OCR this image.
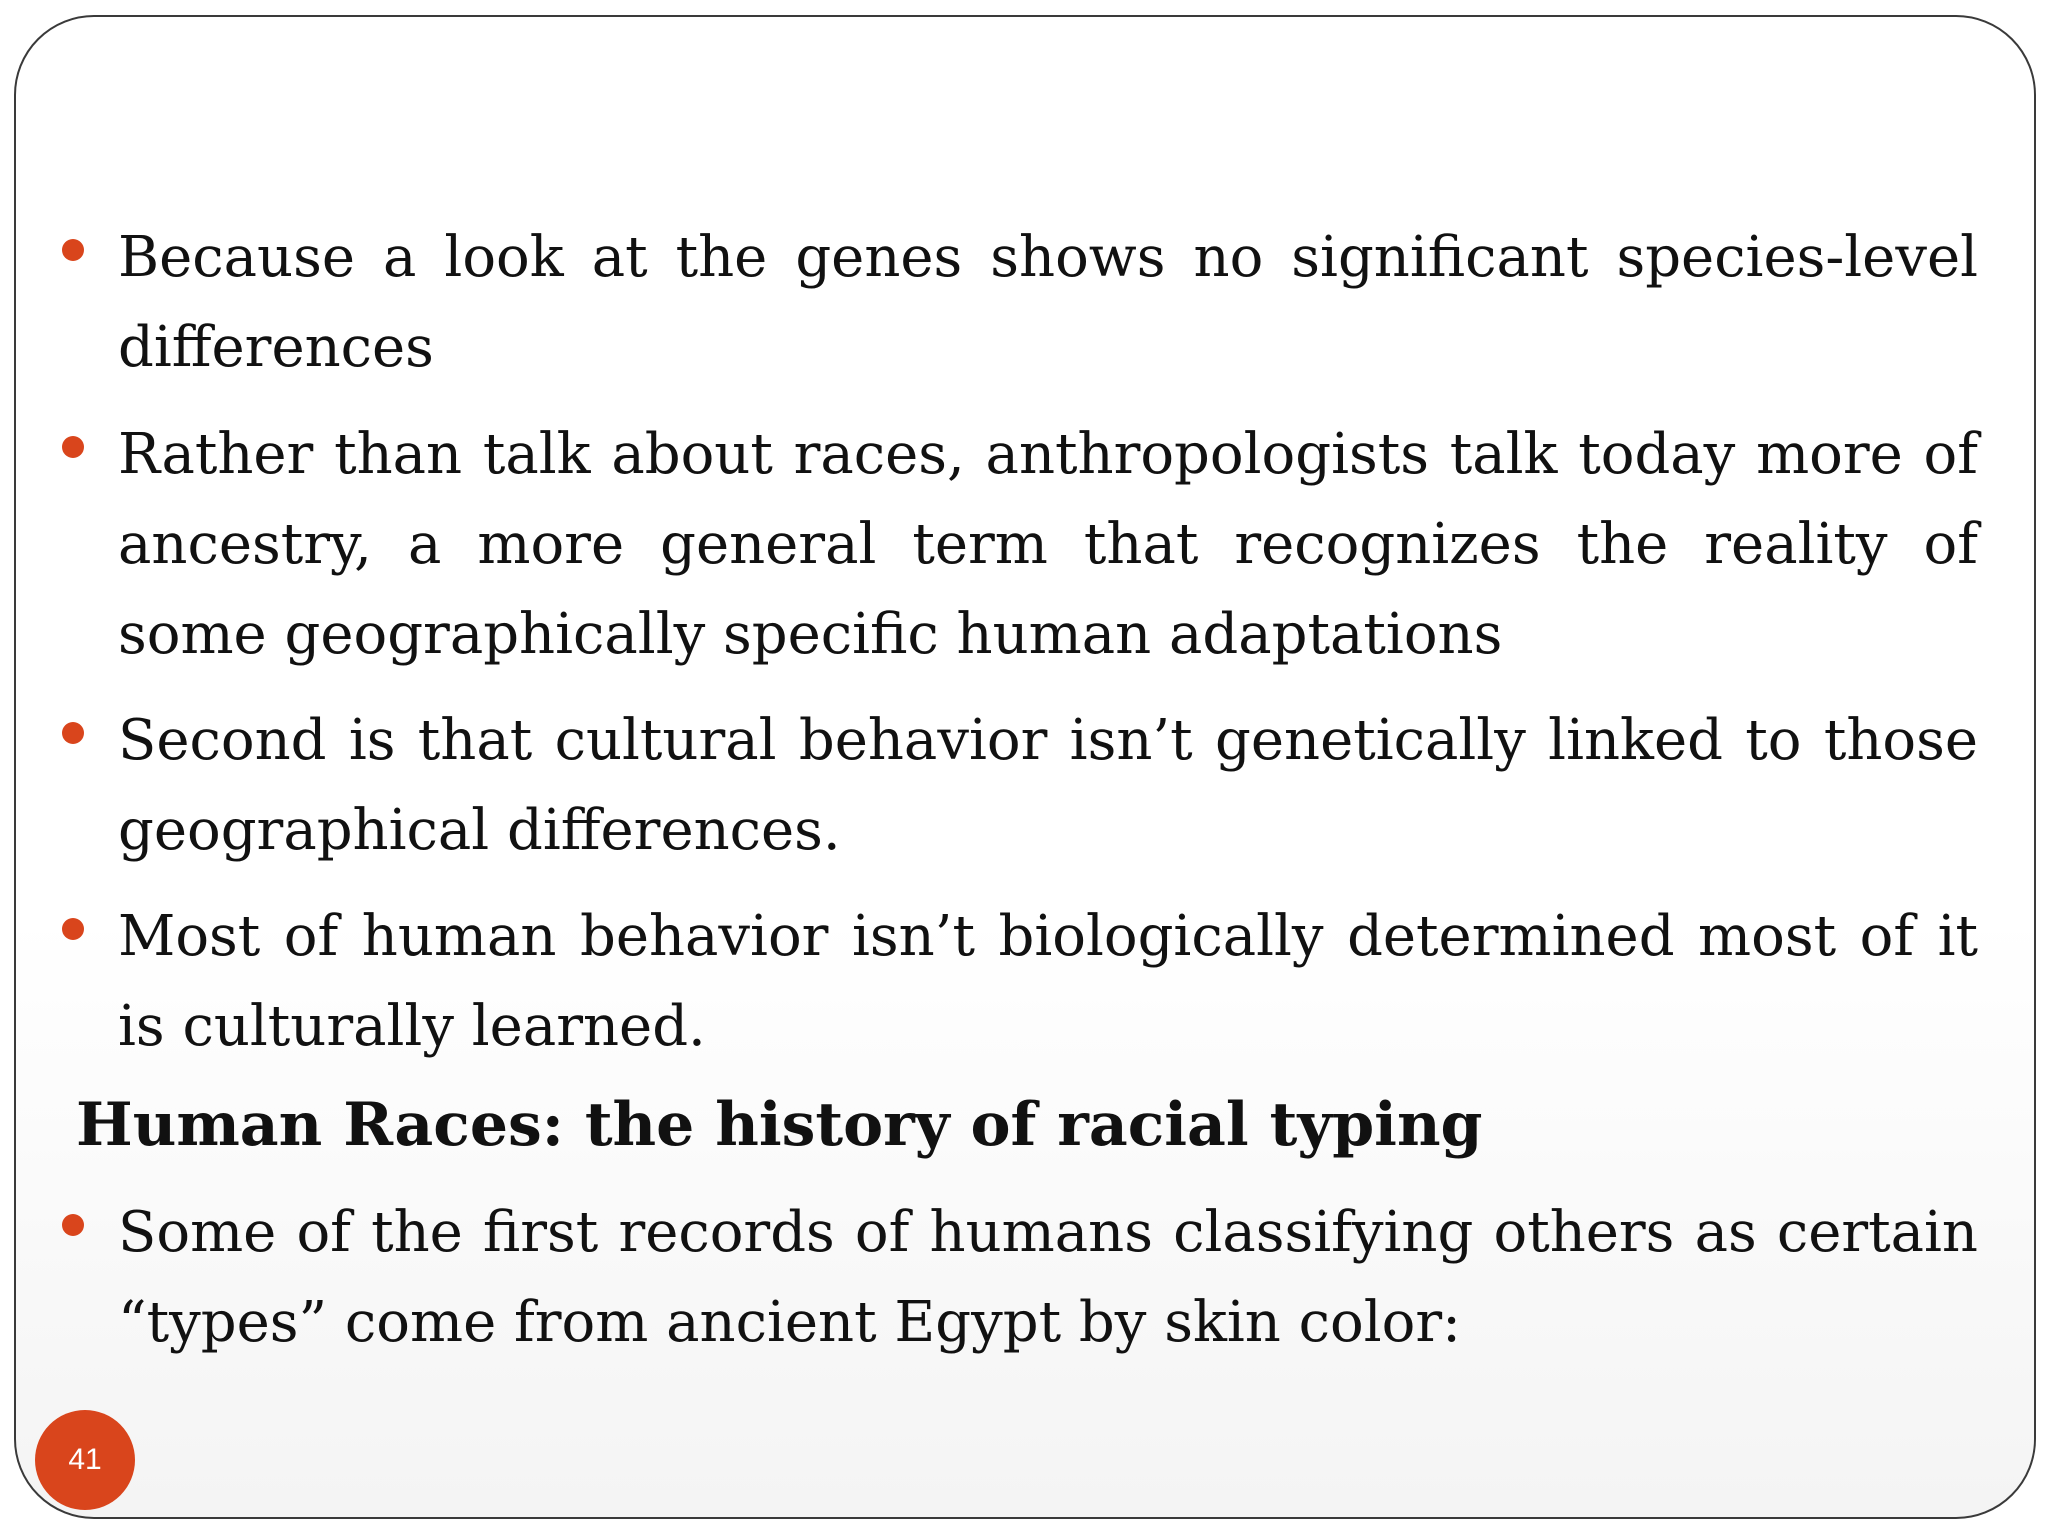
Because a look at the genes shows no significant species-level differences
Rather than talk about races, anthropologists talk today more of ancestry, a more general term that recognizes the reality of some geographically specific human adaptations
Second is that cultural behavior isn’t genetically linked to those geographical differences.
Most of human behavior isn’t biologically determined most of it is culturally learned.
Human Races: the history of racial typing
Some of the first records of humans classifying others as certain “types” come from ancient Egypt by skin color:
41
